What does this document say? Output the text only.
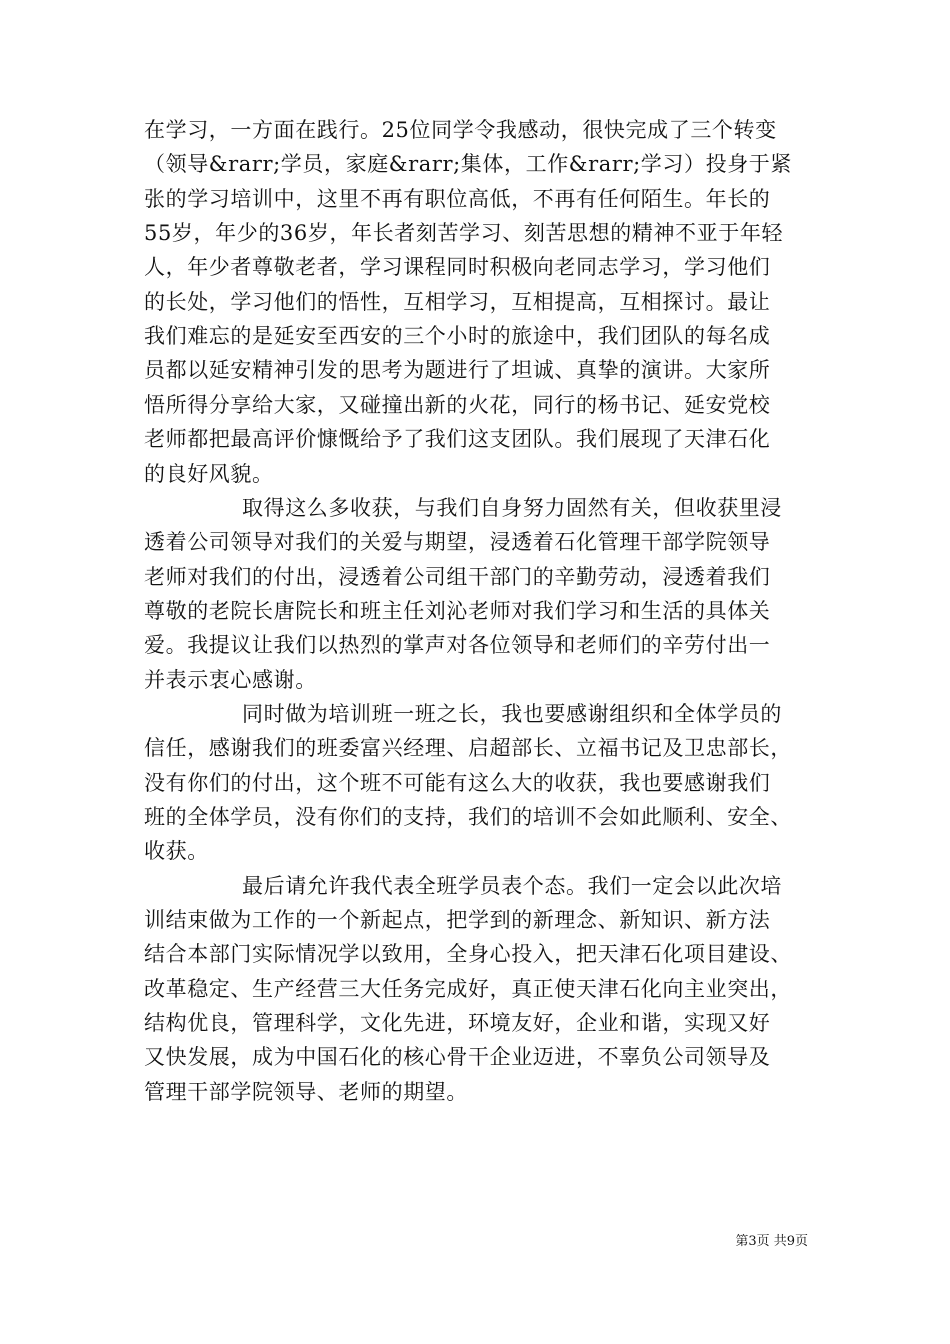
在学习，一方面在践行。25位同学令我感动，很快完成了三个转变
（领导&rarr;学员，家庭&rarr;集体，工作&rarr;学习）投身于紧
张的学习培训中，这里不再有职位高低，不再有任何陌生。年长的
55岁，年少的36岁，年长者刻苦学习、刻苦思想的精神不亚于年轻
人，年少者尊敬老者，学习课程同时积极向老同志学习，学习他们
的长处，学习他们的悟性，互相学习，互相提高，互相探讨。最让
我们难忘的是延安至西安的三个小时的旅途中，我们团队的每名成
员都以延安精神引发的思考为题进行了坦诚、真挚的演讲。大家所
悟所得分享给大家，又碰撞出新的火花，同行的杨书记、延安党校
老师都把最高评价慷慨给予了我们这支团队。我们展现了天津石化
的良好风貌。
取得这么多收获，与我们自身努力固然有关，但收获里浸
透着公司领导对我们的关爱与期望，浸透着石化管理干部学院领导
老师对我们的付出，浸透着公司组干部门的辛勤劳动，浸透着我们
尊敬的老院长唐院长和班主任刘沁老师对我们学习和生活的具体关
爱。我提议让我们以热烈的掌声对各位领导和老师们的辛劳付出一
并表示衷心感谢。
同时做为培训班一班之长，我也要感谢组织和全体学员的
信任，感谢我们的班委富兴经理、启超部长、立福书记及卫忠部长，
没有你们的付出，这个班不可能有这么大的收获，我也要感谢我们
班的全体学员，没有你们的支持，我们的培训不会如此顺利、安全、
收获。
最后请允许我代表全班学员表个态。我们一定会以此次培
训结束做为工作的一个新起点，把学到的新理念、新知识、新方法
结合本部门实际情况学以致用，全身心投入，把天津石化项目建设、
改革稳定、生产经营三大任务完成好，真正使天津石化向主业突出，
结构优良，管理科学，文化先进，环境友好，企业和谐，实现又好
又快发展，成为中国石化的核心骨干企业迈进，不辜负公司领导及
管理干部学院领导、老师的期望。
第3页 共9页
